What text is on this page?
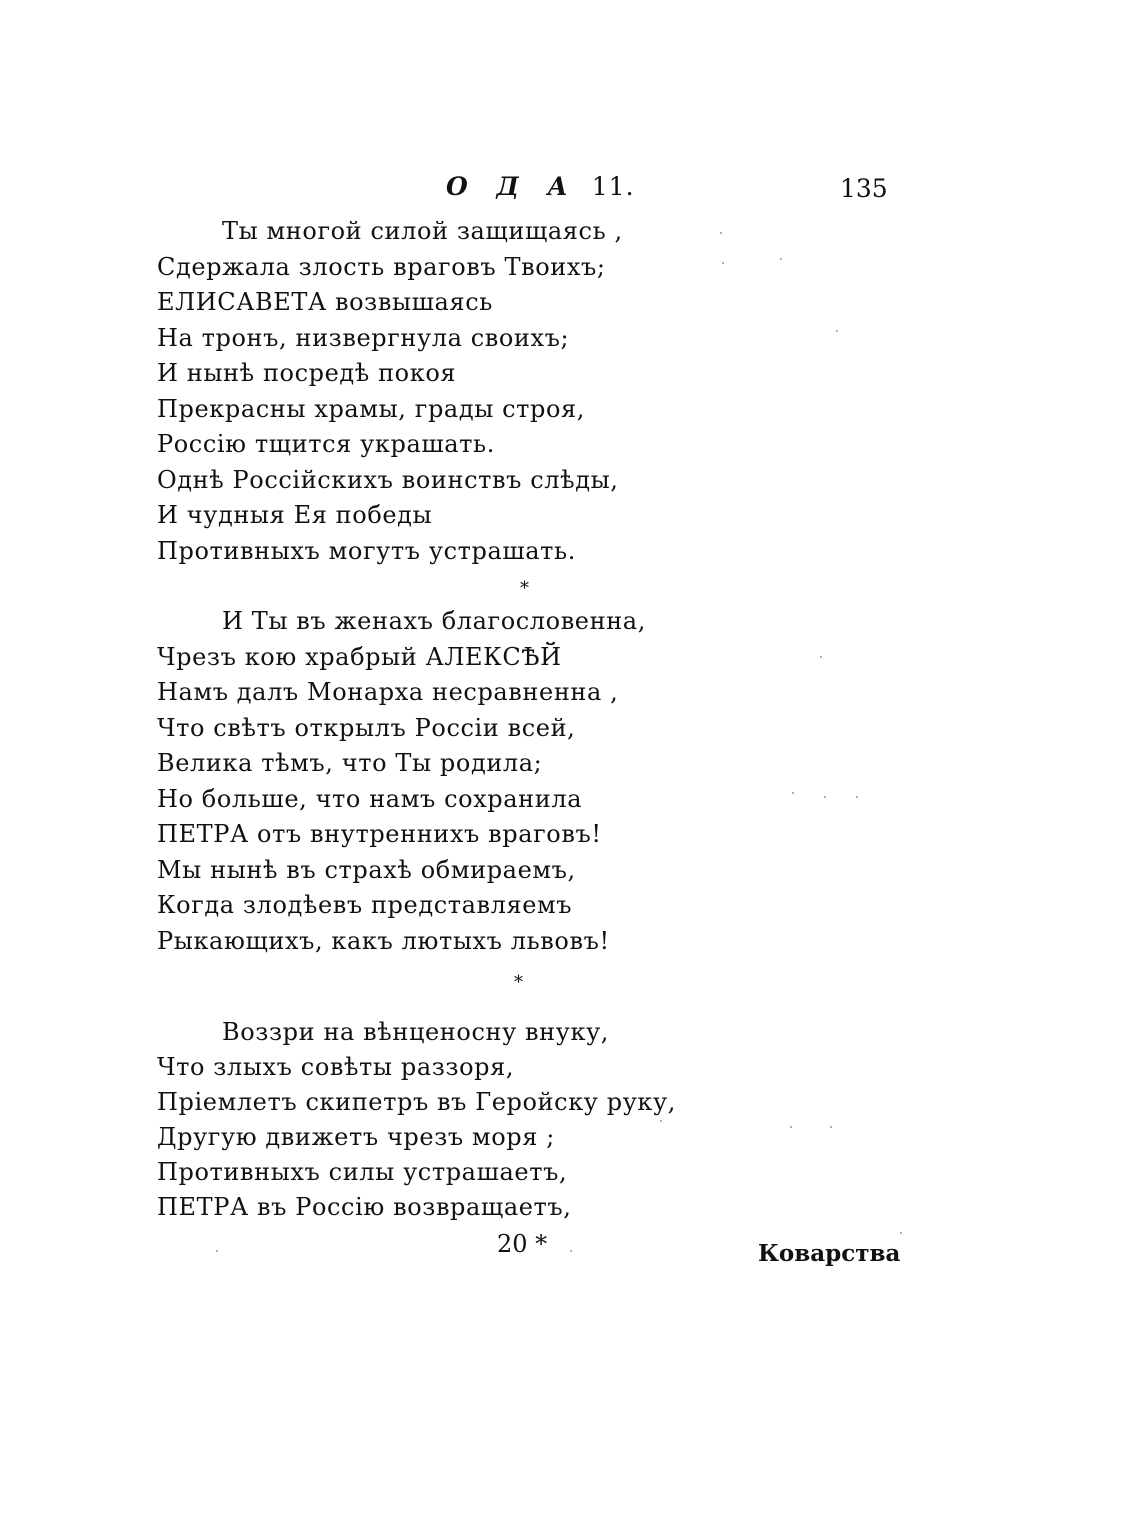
О Д А 11.	135
Ты многой силой защищаясь ,
Сдержала злость враговъ Твоихъ;
ЕЛИСАВЕТА возвышаясь
На тронъ, низвергнула своихъ;
И нынѣ посредѣ покоя
Прекрасны храмы, грады строя,
Россiю тщится украшать.
Однѣ Россiйскихъ воинствъ слѣды,
И чудныя Ея победы
Противныхъ могутъ устрашать.
*
И Ты въ женахъ благословенна,
Чрезъ кою храбрый АЛЕКСѢЙ
Намъ далъ Монарха несравненна ,
Что свѣтъ открылъ Россiи всей,
Велика тѣмъ, что Ты родила;
Но больше, что намъ сохранила
ПЕТРА отъ внутреннихъ враговъ!
Мы нынѣ въ страхѣ обмираемъ,
Когда злодѣевъ представляемъ
Рыкающихъ, какъ лютыхъ львовъ!
*
Воззри на вѣнценосну внуку,
Что злыхъ совѣты раззоря,
Прiемлетъ скипетръ въ Геройску руку,
Другую движетъ чрезъ моря ;
Противныхъ силы устрашаетъ,
ПЕТРА въ Россiю возвращаетъ,
20 *	Коварства
